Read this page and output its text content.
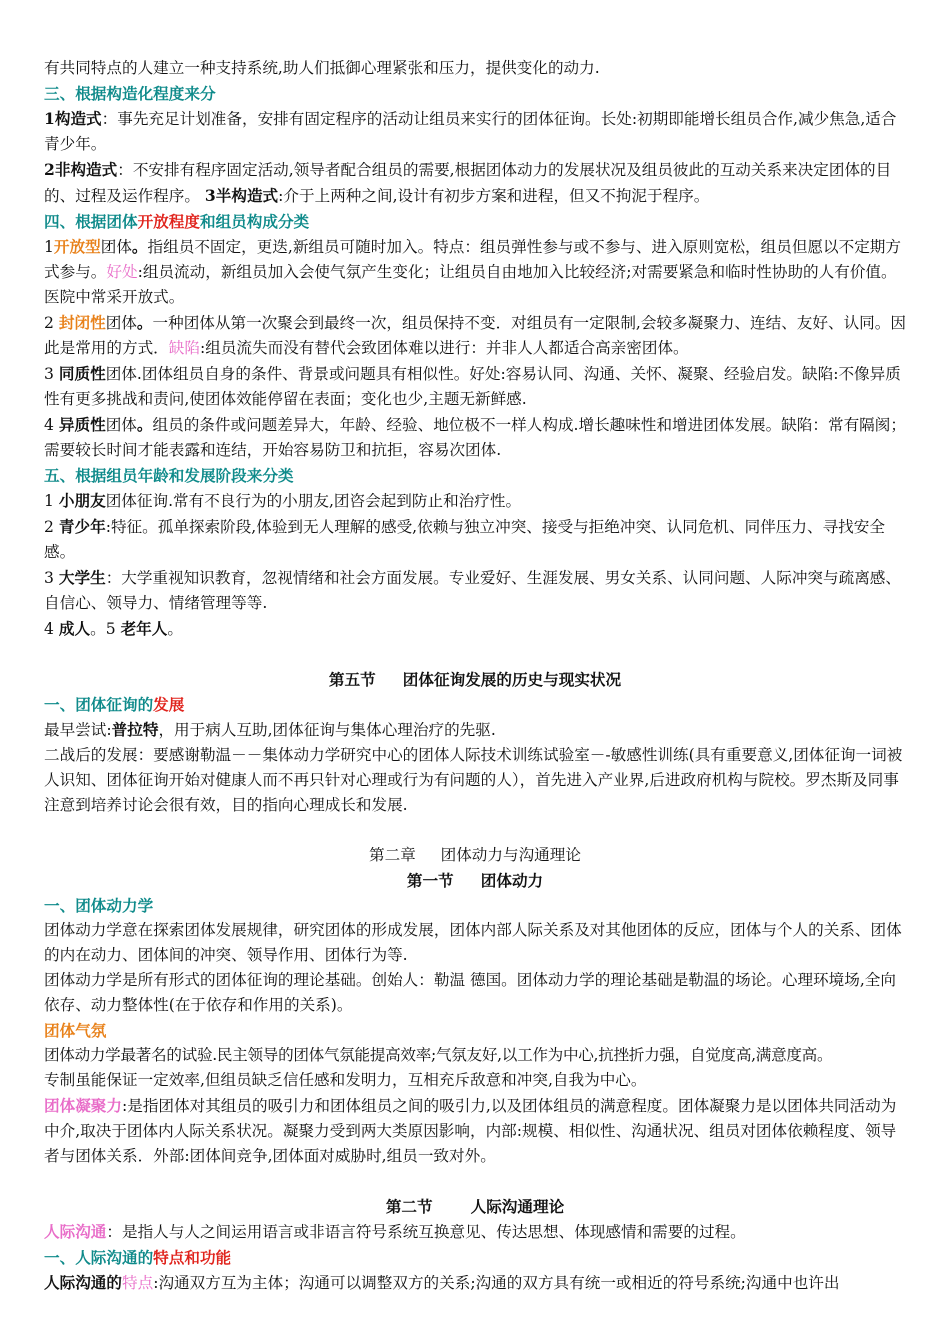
有共同特点的人建立一种支持系统,助人们抵御心理紧张和压力，提供变化的动力.
三、根据构造化程度来分
1构造式：事先充足计划准备，安排有固定程序的活动让组员来实行的团体征询。长处:初期即能增长组员合作,减少焦急,适合青少年。
2非构造式：不安排有程序固定活动,领导者配合组员的需要,根据团体动力的发展状况及组员彼此的互动关系来决定团体的目的、过程及运作程序。 3半构造式:介于上两种之间,设计有初步方案和进程，但又不拘泥于程序。
四、根据团体开放程度和组员构成分类
1开放型团体。指组员不固定，更迭,新组员可随时加入。特点：组员弹性参与或不参与、进入原则宽松，组员但愿以不定期方式参与。好处:组员流动，新组员加入会使气氛产生变化；让组员自由地加入比较经济;对需要紧急和临时性协助的人有价值。医院中常采开放式。
2 封闭性团体。一种团体从第一次聚会到最终一次，组员保持不变．对组员有一定限制,会较多凝聚力、连结、友好、认同。因此是常用的方式．缺陷:组员流失而没有替代会致团体难以进行：并非人人都适合高亲密团体。
3 同质性团体.团体组员自身的条件、背景或问题具有相似性。好处:容易认同、沟通、关怀、凝聚、经验启发。缺陷:不像异质性有更多挑战和责问,使团体效能停留在表面；变化也少,主题无新鲜感.
4 异质性团体。组员的条件或问题差异大，年龄、经验、地位极不一样人构成.增长趣味性和增进团体发展。缺陷：常有隔阂；需要较长时间才能表露和连结，开始容易防卫和抗拒，容易次团体.
五、根据组员年龄和发展阶段来分类
1 小朋友团体征询.常有不良行为的小朋友,团咨会起到防止和治疗性。
2 青少年:特征。孤单探索阶段,体验到无人理解的感受,依赖与独立冲突、接受与拒绝冲突、认同危机、同伴压力、寻找安全感。
3 大学生：大学重视知识教育，忽视情绪和社会方面发展。专业爱好、生涯发展、男女关系、认同问题、人际冲突与疏离感、自信心、领导力、情绪管理等等.
4 成人。5 老年人。
第五节     团体征询发展的历史与现实状况
一、团体征询的发展
最早尝试:普拉特，用于病人互助,团体征询与集体心理治疗的先驱.
二战后的发展：要感谢勒温－－集体动力学研究中心的团体人际技术训练试验室－-敏感性训练(具有重要意义,团体征询一词被人识知、团体征询开始对健康人而不再只针对心理或行为有问题的人），首先进入产业界,后进政府机构与院校。罗杰斯及同事注意到培养讨论会很有效，目的指向心理成长和发展.
第二章     团体动力与沟通理论
第一节     团体动力
一、团体动力学
团体动力学意在探索团体发展规律，研究团体的形成发展，团体内部人际关系及对其他团体的反应，团体与个人的关系、团体的内在动力、团体间的冲突、领导作用、团体行为等.
团体动力学是所有形式的团体征询的理论基础。创始人：勒温 德国。团体动力学的理论基础是勒温的场论。心理环境场,全向依存、动力整体性(在于依存和作用的关系)。
团体气氛
团体动力学最著名的试验.民主领导的团体气氛能提高效率;气氛友好,以工作为中心,抗挫折力强，自觉度高,满意度高。
专制虽能保证一定效率,但组员缺乏信任感和发明力，互相充斥敌意和冲突,自我为中心。
团体凝聚力:是指团体对其组员的吸引力和团体组员之间的吸引力,以及团体组员的满意程度。团体凝聚力是以团体共同活动为中介,取决于团体内人际关系状况。凝聚力受到两大类原因影响，内部:规模、相似性、沟通状况、组员对团体依赖程度、领导者与团体关系．外部:团体间竞争,团体面对威胁时,组员一致对外。
第二节       人际沟通理论
人际沟通：是指人与人之间运用语言或非语言符号系统互换意见、传达思想、体现感情和需要的过程。
一、人际沟通的特点和功能
人际沟通的特点:沟通双方互为主体；沟通可以调整双方的关系;沟通的双方具有统一或相近的符号系统;沟通中也许出
